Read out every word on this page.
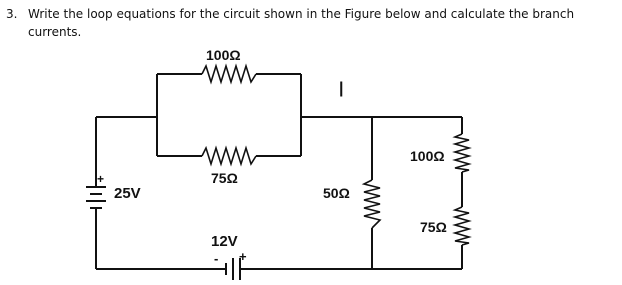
3. Write the loop equations for the circuit shown in the Figure below and calculate the branch
currents.
100Ω
75Ω
50Ω
100Ω
75Ω
25V
12V
+
+
-
|
